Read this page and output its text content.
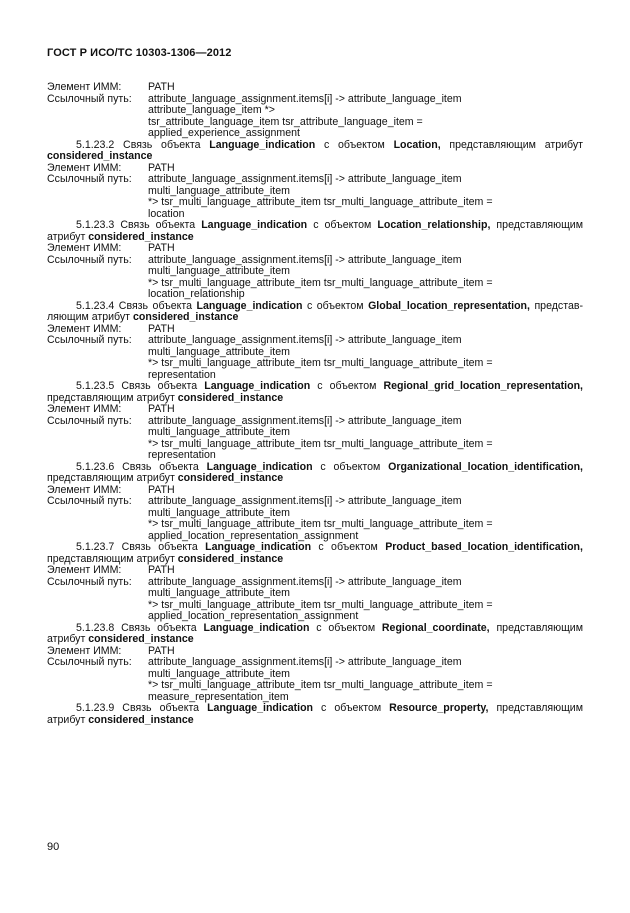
ГОСТ Р ИСО/ТС 10303-1306—2012
Элемент ИММ:	PATH
Ссылочный путь:	attribute_language_assignment.items[i] -> attribute_language_item
attribute_language_item *>
tsr_attribute_language_item tsr_attribute_language_item =
applied_experience_assignment

5.1.23.2 Связь объекта Language_indication с объектом Location, представляющим атрибут considered_instance

Элемент ИММ:	PATH
Ссылочный путь:	attribute_language_assignment.items[i] -> attribute_language_item
multi_language_attribute_item
*> tsr_multi_language_attribute_item tsr_multi_language_attribute_item =
location

5.1.23.3 Связь объекта Language_indication с объектом Location_relationship, представляющим атрибут considered_instance

Элемент ИММ:	PATH
Ссылочный путь:	attribute_language_assignment.items[i] -> attribute_language_item
multi_language_attribute_item
*> tsr_multi_language_attribute_item tsr_multi_language_attribute_item =
location_relationship

5.1.23.4 Связь объекта Language_indication с объектом Global_location_representation, представ-ляющим атрибут considered_instance

Элемент ИММ:	PATH
Ссылочный путь:	attribute_language_assignment.items[i] -> attribute_language_item
multi_language_attribute_item
*> tsr_multi_language_attribute_item tsr_multi_language_attribute_item =
representation

5.1.23.5 Связь объекта Language_indication с объектом Regional_grid_location_representation, представляющим атрибут considered_instance

Элемент ИММ:	PATH
Ссылочный путь:	attribute_language_assignment.items[i] -> attribute_language_item
multi_language_attribute_item
*> tsr_multi_language_attribute_item tsr_multi_language_attribute_item =
representation

5.1.23.6 Связь объекта Language_indication с объектом Organizational_location_identification, представляющим атрибут considered_instance

Элемент ИММ:	PATH
Ссылочный путь:	attribute_language_assignment.items[i] -> attribute_language_item
multi_language_attribute_item
*> tsr_multi_language_attribute_item tsr_multi_language_attribute_item =
applied_location_representation_assignment

5.1.23.7 Связь объекта Language_indication с объектом Product_based_location_identification, представляющим атрибут considered_instance

Элемент ИММ:	PATH
Ссылочный путь:	attribute_language_assignment.items[i] -> attribute_language_item
multi_language_attribute_item
*> tsr_multi_language_attribute_item tsr_multi_language_attribute_item =
applied_location_representation_assignment

5.1.23.8 Связь объекта Language_indication с объектом Regional_coordinate, представляющим атрибут considered_instance

Элемент ИММ:	PATH
Ссылочный путь:	attribute_language_assignment.items[i] -> attribute_language_item
multi_language_attribute_item
*> tsr_multi_language_attribute_item tsr_multi_language_attribute_item =
measure_representation_item

5.1.23.9 Связь объекта Language_indication с объектом Resource_property, представляющим атрибут considered_instance

90
